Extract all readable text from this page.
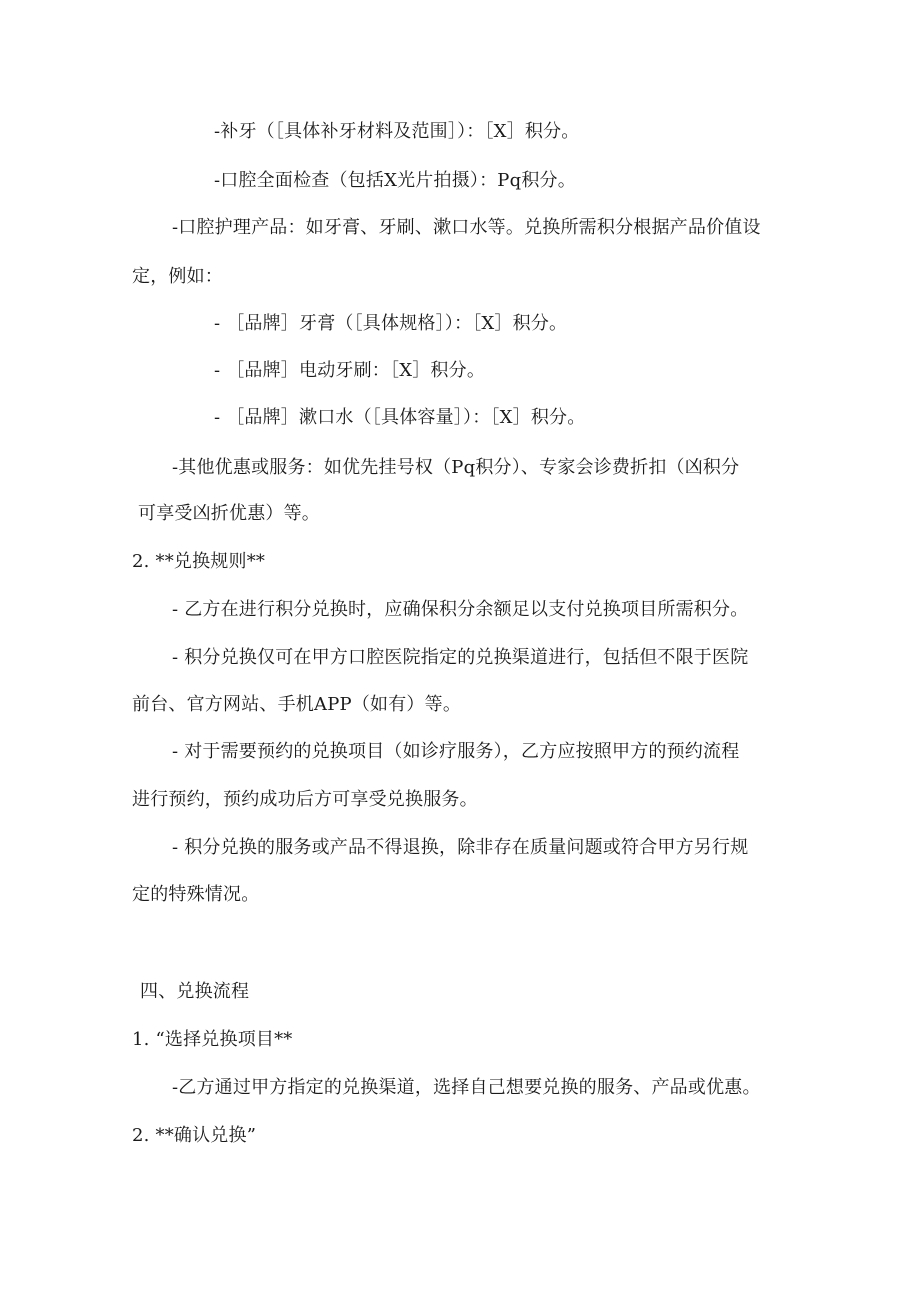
-补牙（［具体补牙材料及范围］）：［X］积分。
-口腔全面检查（包括X光片拍摄）：Pq积分。
-口腔护理产品：如牙膏、牙刷、漱口水等。兑换所需积分根据产品价值设
定，例如：
- ［品牌］牙膏（［具体规格］）：［X］积分。
- ［品牌］电动牙刷：［X］积分。
- ［品牌］漱口水（［具体容量］）：［X］积分。
-其他优惠或服务：如优先挂号权（Pq积分）、专家会诊费折扣（凶积分
可享受凶折优惠）等。
2. **兑换规则**
- 乙方在进行积分兑换时，应确保积分余额足以支付兑换项目所需积分。
- 积分兑换仅可在甲方口腔医院指定的兑换渠道进行，包括但不限于医院
前台、官方网站、手机APP（如有）等。
- 对于需要预约的兑换项目（如诊疗服务），乙方应按照甲方的预约流程
进行预约，预约成功后方可享受兑换服务。
- 积分兑换的服务或产品不得退换，除非存在质量问题或符合甲方另行规
定的特殊情况。
四、兑换流程
1. “选择兑换项目**
-乙方通过甲方指定的兑换渠道，选择自己想要兑换的服务、产品或优惠。
2. **确认兑换”
